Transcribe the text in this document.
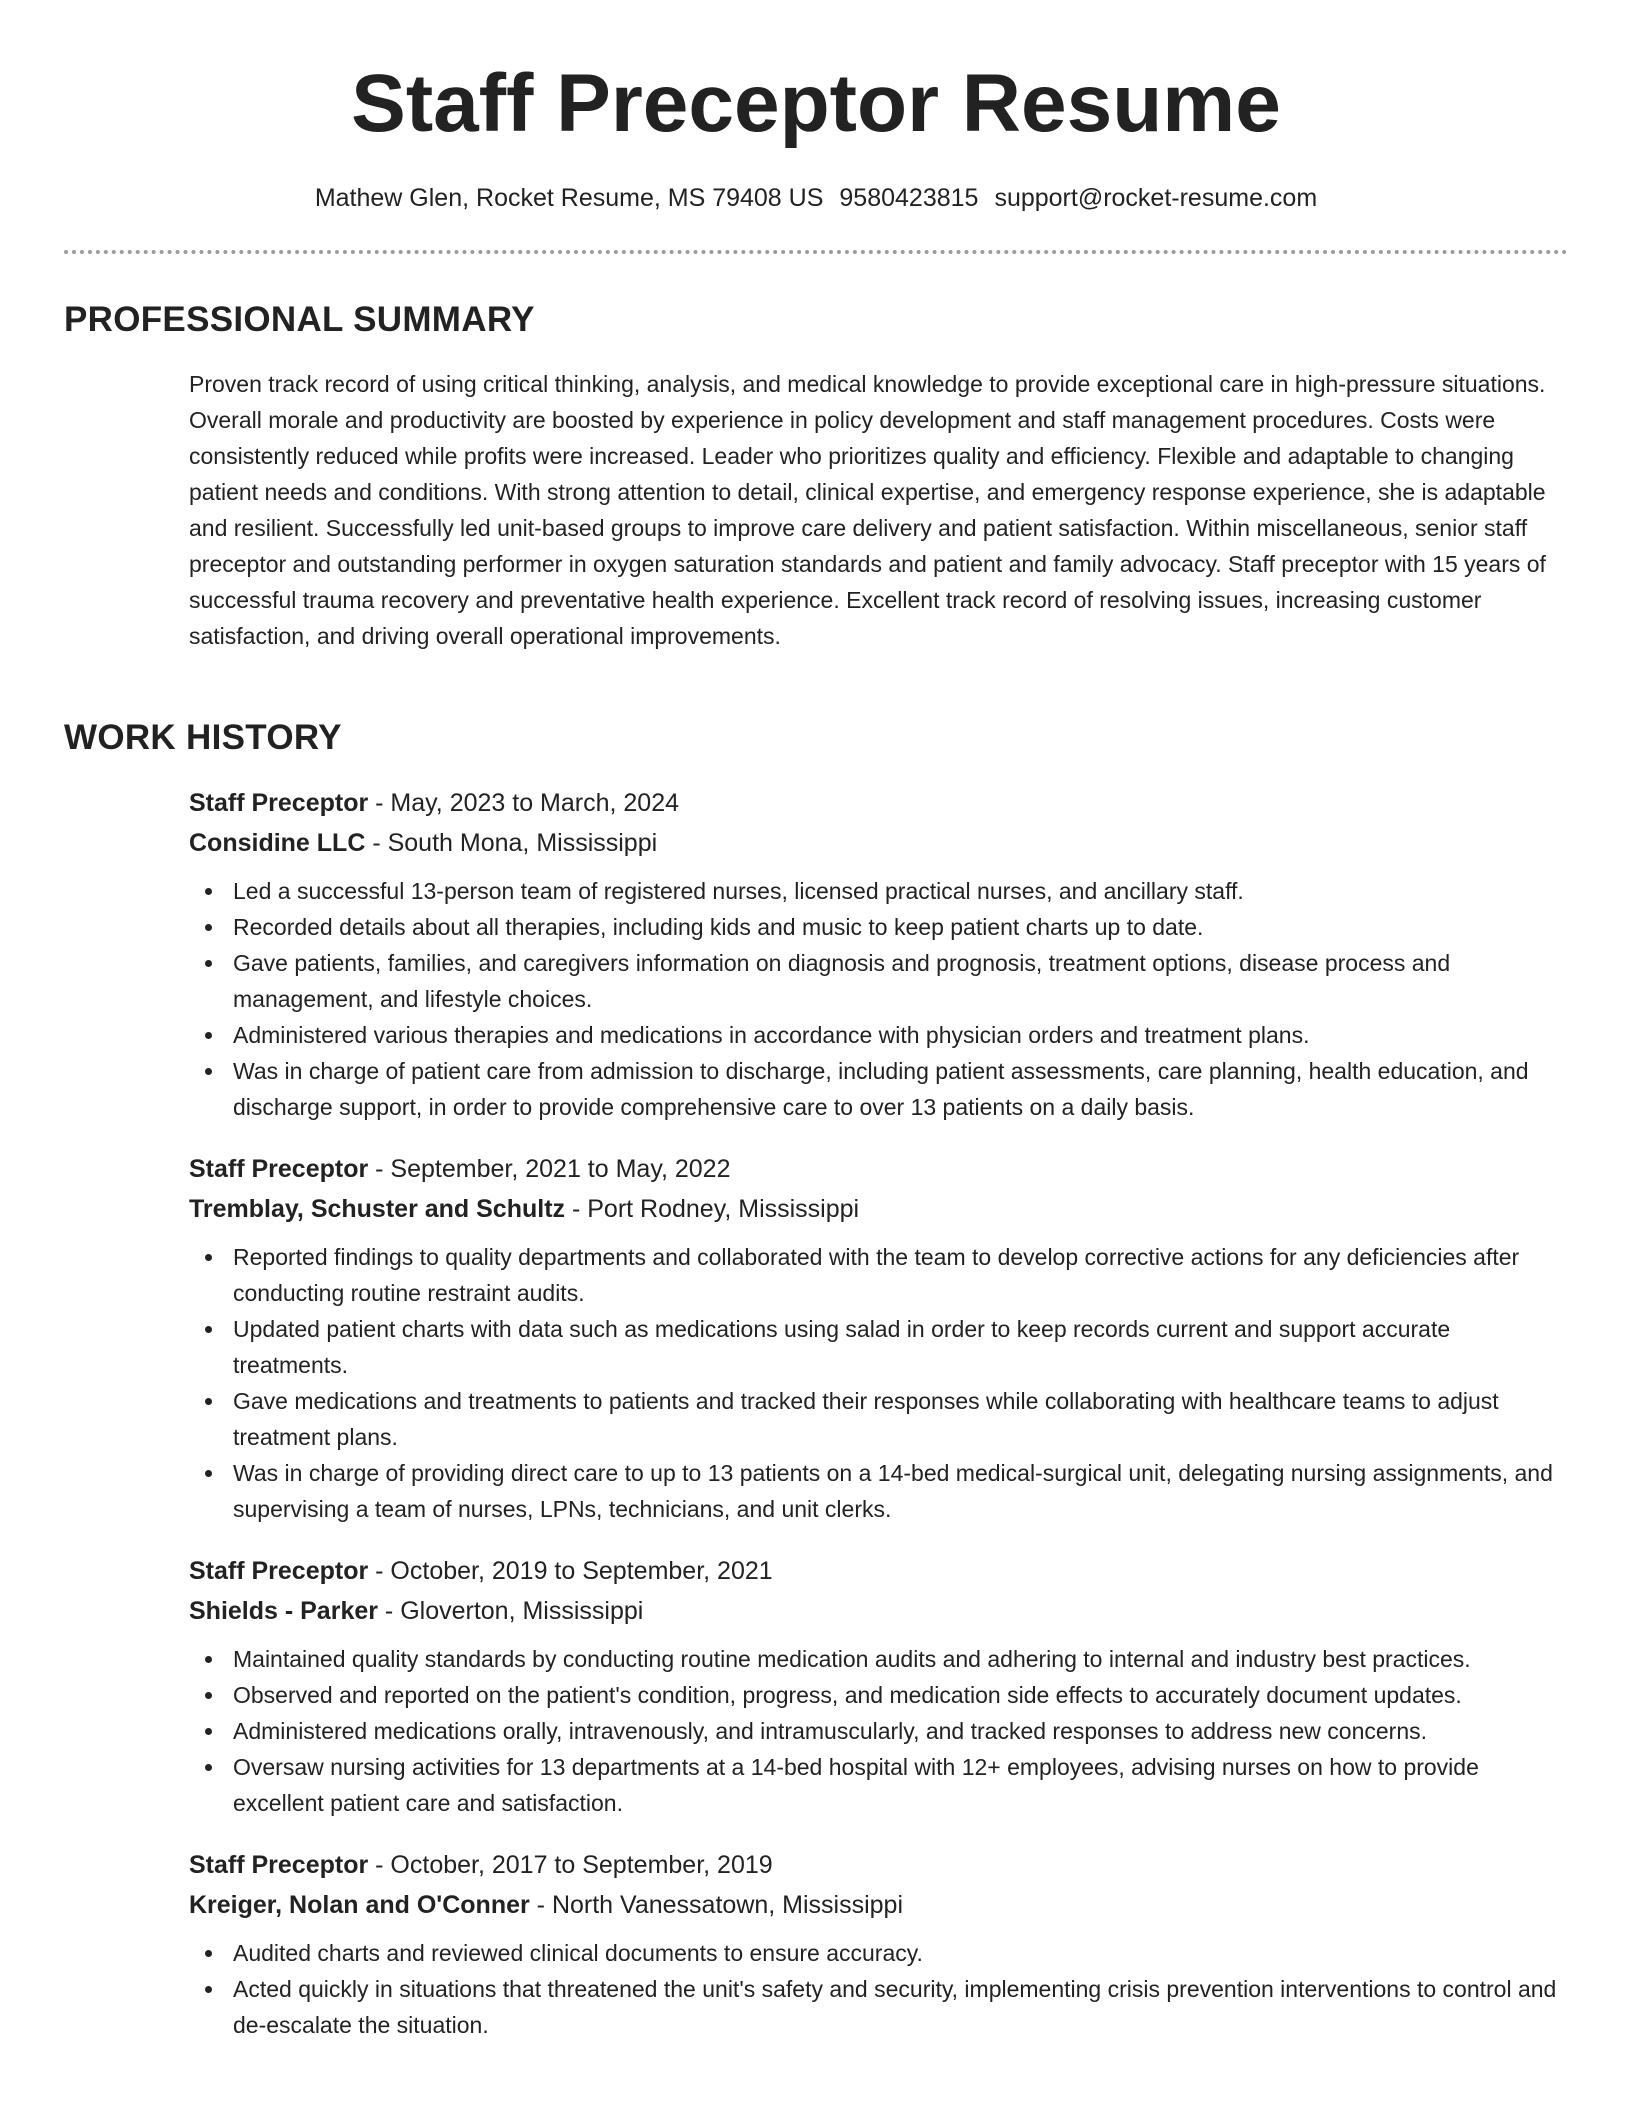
Staff Preceptor Resume
Mathew Glen, Rocket Resume, MS 79408 US 9580423815 support@rocket-resume.com
PROFESSIONAL SUMMARY

Proven track record of using critical thinking, analysis, and medical knowledge to provide exceptional care in high-pressure situations. Overall morale and productivity are boosted by experience in policy development and staff management procedures. Costs were consistently reduced while profits were increased. Leader who prioritizes quality and efficiency. Flexible and adaptable to changing patient needs and conditions. With strong attention to detail, clinical expertise, and emergency response experience, she is adaptable and resilient. Successfully led unit-based groups to improve care delivery and patient satisfaction. Within miscellaneous, senior staff preceptor and outstanding performer in oxygen saturation standards and patient and family advocacy. Staff preceptor with 15 years of successful trauma recovery and preventative health experience. Excellent track record of resolving issues, increasing customer satisfaction, and driving overall operational improvements.

WORK HISTORY
Staff Preceptor - May, 2023 to March, 2024
Considine LLC - South Mona, Mississippi
Led a successful 13-person team of registered nurses, licensed practical nurses, and ancillary staff.
Recorded details about all therapies, including kids and music to keep patient charts up to date.
Gave patients, families, and caregivers information on diagnosis and prognosis, treatment options, disease process and management, and lifestyle choices.
Administered various therapies and medications in accordance with physician orders and treatment plans.
Was in charge of patient care from admission to discharge, including patient assessments, care planning, health education, and discharge support, in order to provide comprehensive care to over 13 patients on a daily basis.
Staff Preceptor - September, 2021 to May, 2022
Tremblay, Schuster and Schultz - Port Rodney, Mississippi
Reported findings to quality departments and collaborated with the team to develop corrective actions for any deficiencies after conducting routine restraint audits.
Updated patient charts with data such as medications using salad in order to keep records current and support accurate treatments.
Gave medications and treatments to patients and tracked their responses while collaborating with healthcare teams to adjust treatment plans.
Was in charge of providing direct care to up to 13 patients on a 14-bed medical-surgical unit, delegating nursing assignments, and supervising a team of nurses, LPNs, technicians, and unit clerks.
Staff Preceptor - October, 2019 to September, 2021
Shields - Parker - Gloverton, Mississippi
Maintained quality standards by conducting routine medication audits and adhering to internal and industry best practices.
Observed and reported on the patient's condition, progress, and medication side effects to accurately document updates.
Administered medications orally, intravenously, and intramuscularly, and tracked responses to address new concerns.
Oversaw nursing activities for 13 departments at a 14-bed hospital with 12+ employees, advising nurses on how to provide excellent patient care and satisfaction.
Staff Preceptor - October, 2017 to September, 2019
Kreiger, Nolan and O'Conner - North Vanessatown, Mississippi
Audited charts and reviewed clinical documents to ensure accuracy.
Acted quickly in situations that threatened the unit's safety and security, implementing crisis prevention interventions to control and de-escalate the situation.
